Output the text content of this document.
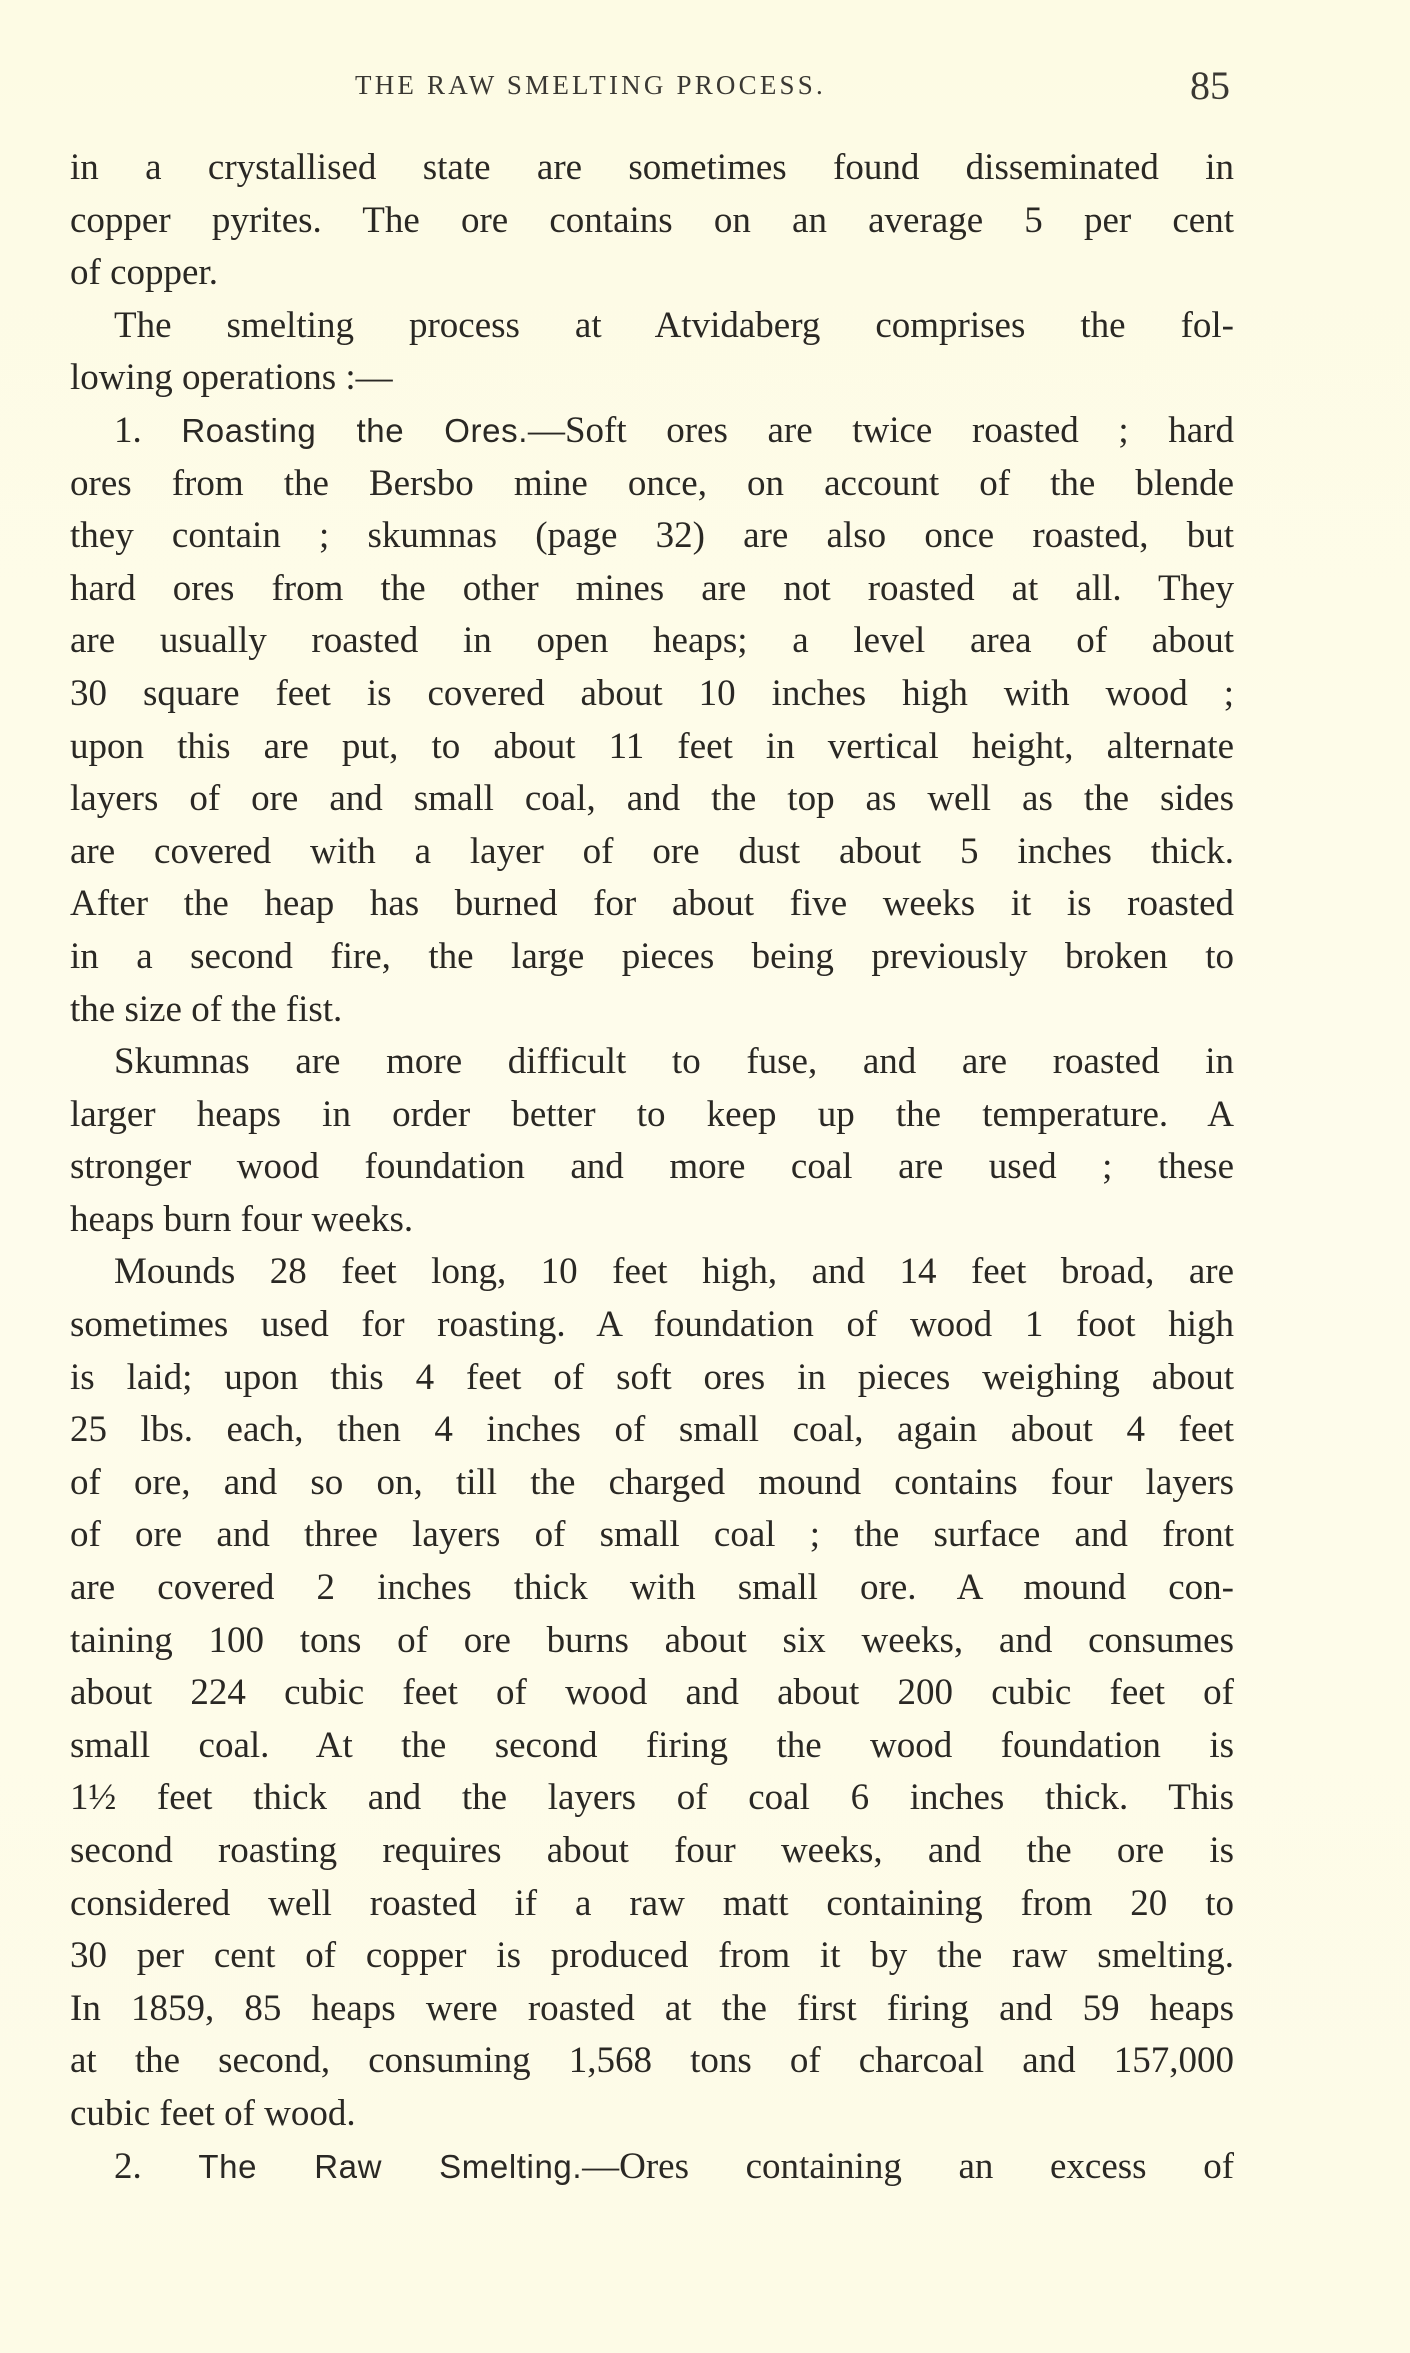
THE RAW SMELTING PROCESS.	85
in a crystallised state are sometimes found disseminated in
copper pyrites. The ore contains on an average 5 per cent
of copper.
The smelting process at Atvidaberg comprises the fol-
lowing operations :—
1. Roasting the Ores.—Soft ores are twice roasted ; hard
ores from the Bersbo mine once, on account of the blende
they contain ; skumnas (page 32) are also once roasted, but
hard ores from the other mines are not roasted at all. They
are usually roasted in open heaps; a level area of about
30 square feet is covered about 10 inches high with wood ;
upon this are put, to about 11 feet in vertical height, alternate
layers of ore and small coal, and the top as well as the sides
are covered with a layer of ore dust about 5 inches thick.
After the heap has burned for about five weeks it is roasted
in a second fire, the large pieces being previously broken to
the size of the fist.
Skumnas are more difficult to fuse, and are roasted in
larger heaps in order better to keep up the temperature. A
stronger wood foundation and more coal are used ; these
heaps burn four weeks.
Mounds 28 feet long, 10 feet high, and 14 feet broad, are
sometimes used for roasting. A foundation of wood 1 foot high
is laid; upon this 4 feet of soft ores in pieces weighing about
25 lbs. each, then 4 inches of small coal, again about 4 feet
of ore, and so on, till the charged mound contains four layers
of ore and three layers of small coal ; the surface and front
are covered 2 inches thick with small ore. A mound con-
taining 100 tons of ore burns about six weeks, and consumes
about 224 cubic feet of wood and about 200 cubic feet of
small coal. At the second firing the wood foundation is
1½ feet thick and the layers of coal 6 inches thick. This
second roasting requires about four weeks, and the ore is
considered well roasted if a raw matt containing from 20 to
30 per cent of copper is produced from it by the raw smelting.
In 1859, 85 heaps were roasted at the first firing and 59 heaps
at the second, consuming 1,568 tons of charcoal and 157,000
cubic feet of wood.
2. The Raw Smelting.—Ores containing an excess of
